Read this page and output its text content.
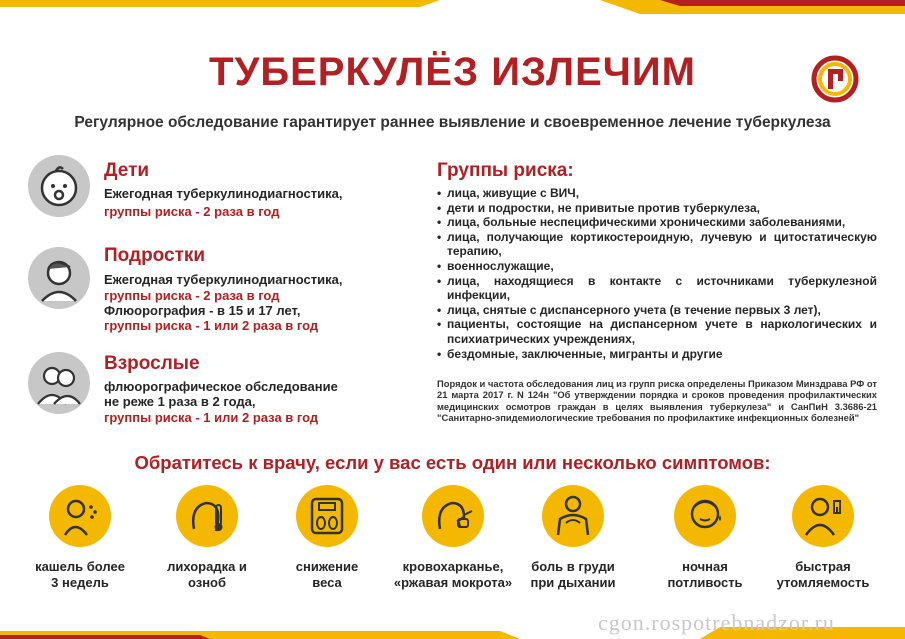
ТУБЕРКУЛЁЗ ИЗЛЕЧИМ
Регулярное обследование гарантирует раннее выявление и своевременное лечение туберкулеза
Дети
Ежегодная туберкулинодиагностика,
группы риска - 2 раза в год
Подростки
Ежегодная туберкулинодиагностика,
группы риска - 2 раза в год
Флюорография - в 15 и 17 лет,
группы риска - 1 или 2 раза в год
Взрослые
флюорографическое обследование
не реже 1 раза в 2 года,
группы риска - 1 или 2 раза в год
Группы риска:
• лица, живущие с ВИЧ,
• дети и подростки, не привитые против туберкулеза,
• лица, больные неспецифическими хроническими заболеваниями,
• лица, получающие кортикостероидную, лучевую и цитостатическую терапию,
• военнослужащие,
• лица, находящиеся в контакте с источниками туберкулезной инфекции,
• лица, снятые с диспансерного учета (в течение первых 3 лет),
• пациенты, состоящие на диспансерном учете в наркологических и психиатрических учреждениях,
• бездомные, заключенные, мигранты и другие
Порядок и частота обследования лиц из групп риска определены Приказом Минздрава РФ от 21 марта 2017 г. N 124н "Об утверждении порядка и сроков проведения профилактических медицинских осмотров граждан в целях выявления туберкулеза" и СанПиН 3.3686-21 "Санитарно-эпидемиологические требования по профилактике инфекционных болезней"
Обратитесь к врачу, если у вас есть один или несколько симптомов:
кашель более
3 недель
лихорадка и
озноб
снижение
веса
кровохарканье,
«ржавая мокрота»
боль в груди
при дыхании
ночная
потливость
быстрая
утомляемость
cgon.rospotrebnadzor.ru
